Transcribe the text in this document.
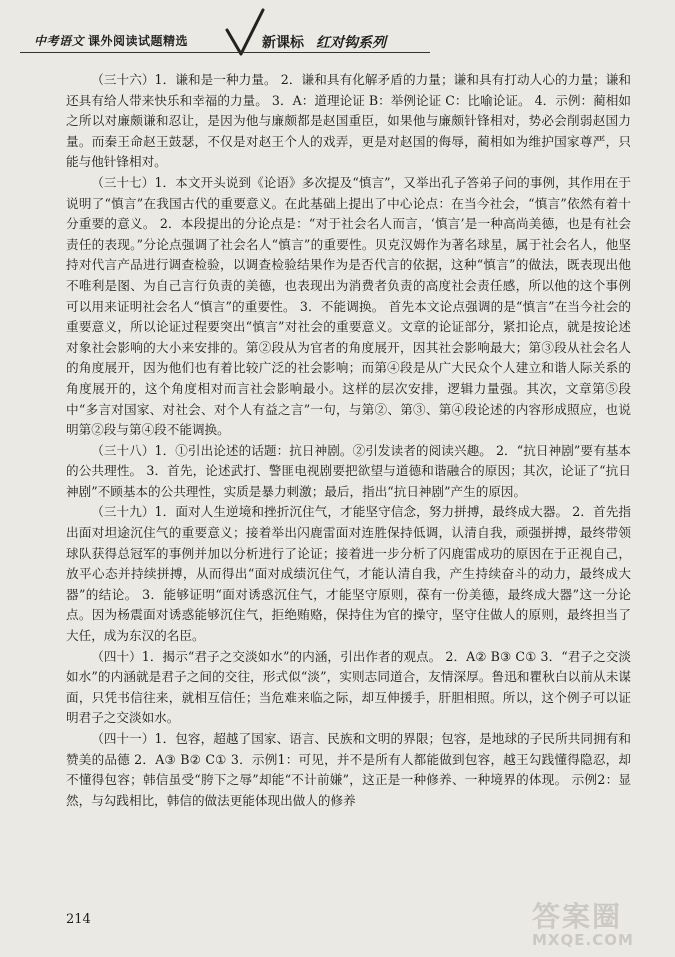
中考语文 课外阅读试题精选	新课标 红对钩系列

（三十六）1．谦和是一种力量。 2．谦和具有化解矛盾的力量；谦和具有打动人心的力量；谦和还具有给人带来快乐和幸福的力量。 3．A：道理论证 B：举例论证 C：比喻论证。 4．示例：蔺相如之所以对廉颇谦和忍让，是因为他与廉颇都是赵国重臣，如果他与廉颇针锋相对，势必会削弱赵国力量。而秦王命赵王鼓瑟，不仅是对赵王个人的戏弄，更是对赵国的侮辱，蔺相如为维护国家尊严，只能与他针锋相对。

（三十七）1．本文开头说到《论语》多次提及“慎言”，又举出孔子答弟子问的事例，其作用在于说明了“慎言”在我国古代的重要意义。在此基础上提出了中心论点：在当今社会，“慎言”依然有着十分重要的意义。 2．本段提出的分论点是：“对于社会名人而言，‘慎言’是一种高尚美德，也是有社会责任的表现。”分论点强调了社会名人“慎言”的重要性。贝克汉姆作为著名球星，属于社会名人，他坚持对代言产品进行调查检验，以调查检验结果作为是否代言的依据，这种“慎言”的做法，既表现出他不唯利是图、为自己言行负责的美德，也表现出为消费者负责的高度社会责任感，所以他的这个事例可以用来证明社会名人“慎言”的重要性。 3．不能调换。 首先本文论点强调的是“慎言”在当今社会的重要意义，所以论证过程要突出“慎言”对社会的重要意义。文章的论证部分，紧扣论点，就是按论述对象社会影响的大小来安排的。第②段从为官者的角度展开，因其社会影响最大；第③段从社会名人的角度展开，因为他们也有着比较广泛的社会影响；而第④段是从广大民众个人建立和谐人际关系的角度展开的，这个角度相对而言社会影响最小。这样的层次安排，逻辑力量强。其次，文章第⑤段中“多言对国家、对社会、对个人有益之言”一句，与第②、第③、第④段论述的内容形成照应，也说明第②段与第④段不能调换。

（三十八）1．①引出论述的话题：抗日神剧。②引发读者的阅读兴趣。 2．“抗日神剧”要有基本的公共理性。 3．首先，论述武打、警匪电视剧要把欲望与道德和谐融合的原因；其次，论证了“抗日神剧”不顾基本的公共理性，实质是暴力刺激；最后，指出“抗日神剧”产生的原因。

（三十九）1．面对人生逆境和挫折沉住气，才能坚守信念，努力拼搏，最终成大器。 2．首先指出面对坦途沉住气的重要意义；接着举出闪鹿雷面对连胜保持低调，认清自我，顽强拼搏，最终带领球队获得总冠军的事例并加以分析进行了论证；接着进一步分析了闪鹿雷成功的原因在于正视自己，放平心态并持续拼搏，从而得出“面对成绩沉住气，才能认清自我，产生持续奋斗的动力，最终成大器”的结论。 3．能够证明“面对诱惑沉住气，才能坚守原则，葆有一份美德，最终成大器”这一分论点。因为杨震面对诱惑能够沉住气，拒绝贿赂，保持住为官的操守，坚守住做人的原则，最终担当了大任，成为东汉的名臣。

（四十）1．揭示“君子之交淡如水”的内涵，引出作者的观点。 2．A② B③ C① 3．“君子之交淡如水”的内涵就是君子之间的交往，形式似“淡”，实则志同道合，友情深厚。鲁迅和瞿秋白以前从未谋面，只凭书信往来，就相互信任；当危难来临之际，却互伸援手，肝胆相照。所以，这个例子可以证明君子之交淡如水。

（四十一）1．包容，超越了国家、语言、民族和文明的界限；包容，是地球的子民所共同拥有和赞美的品德 2．A③ B② C① 3．示例1：可见，并不是所有人都能做到包容，越王勾践懂得隐忍，却不懂得包容；韩信虽受“胯下之辱”却能“不计前嫌”，这正是一种修养、一种境界的体现。 示例2：显然，与勾践相比，韩信的做法更能体现出做人的修养

214	答案圈
MXQE.COM
